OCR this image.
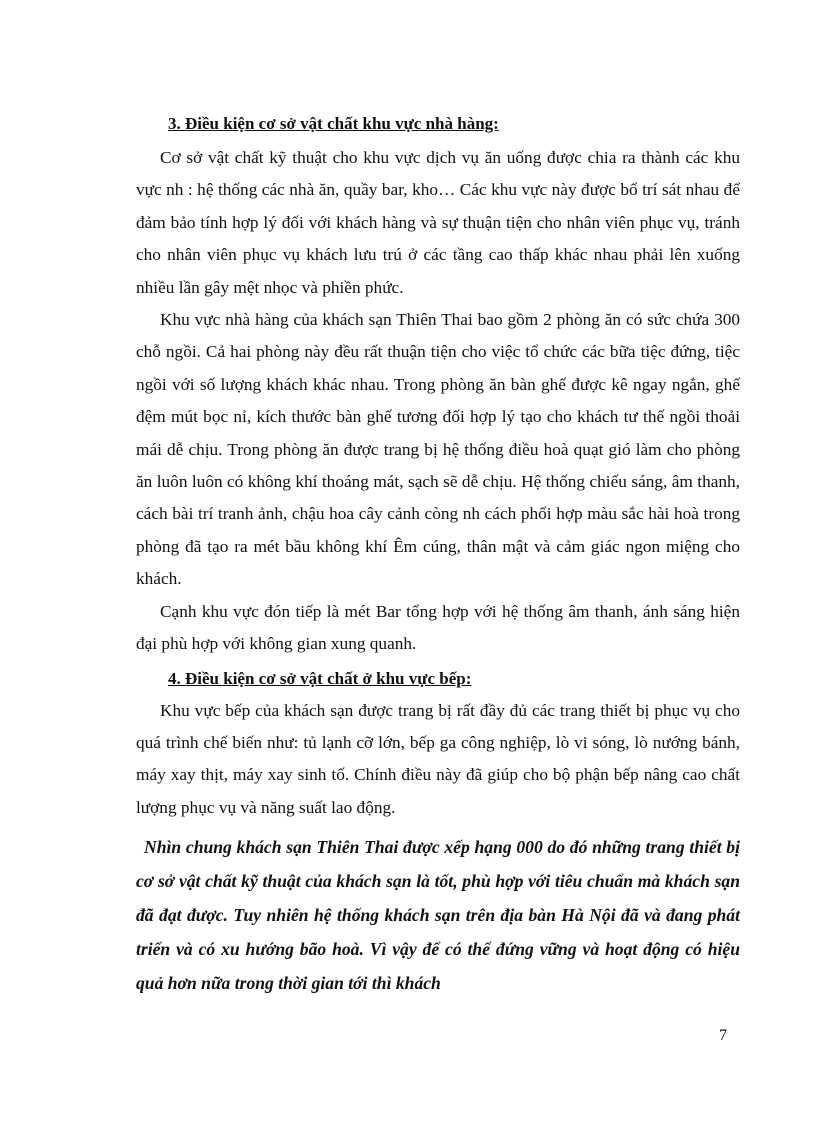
3. Điều kiện cơ sở vật chất khu vực nhà hàng:

Cơ sở vật chất kỹ thuật cho khu vực dịch vụ ăn uống được chia ra thành các khu vực nh : hệ thống các nhà ăn, quầy bar, kho… Các khu vực này được bố trí sát nhau để đảm bảo tính hợp lý đối với khách hàng và sự thuận tiện cho nhân viên phục vụ, tránh cho nhân viên phục vụ khách lưu trú ở các tầng cao thấp khác nhau phải lên xuống nhiều lần gây mệt nhọc và phiền phức.

Khu vực nhà hàng của khách sạn Thiên Thai bao gồm 2 phòng ăn có sức chứa 300 chỗ ngồi. Cả hai phòng này đều rất thuận tiện cho việc tổ chức các bữa tiệc đứng, tiệc ngồi với số lượng khách khác nhau. Trong phòng ăn bàn ghế được kê ngay ngắn, ghế đệm mút bọc nỉ, kích thước bàn ghế tương đối hợp lý tạo cho khách tư thế ngồi thoải mái dễ chịu. Trong phòng ăn được trang bị hệ thống điều hoà quạt gió làm cho phòng ăn luôn luôn có không khí thoáng mát, sạch sẽ dễ chịu. Hệ thống chiếu sáng, âm thanh, cách bài trí tranh ảnh, chậu hoa cây cảnh còng nh cách phối hợp màu sắc hài hoà trong phòng đã tạo ra mét bầu không khí Êm cúng, thân mật và cảm giác ngon miệng cho khách.

Cạnh khu vực đón tiếp là mét Bar tổng hợp với hệ thống âm thanh, ánh sáng hiện đại phù hợp với không gian xung quanh.

4. Điều kiện cơ sở vật chất ở khu vực bếp:

Khu vực bếp của khách sạn được trang bị rất đầy đủ các trang thiết bị phục vụ cho quá trình chế biến như: tủ lạnh cỡ lớn, bếp ga công nghiệp, lò vi sóng, lò nướng bánh, máy xay thịt, máy xay sinh tố. Chính điều này đã giúp cho bộ phận bếp nâng cao chất lượng phục vụ và năng suất lao động.

Nhìn chung khách sạn Thiên Thai được xếp hạng 000 do đó những trang thiết bị cơ sở vật chất kỹ thuật của khách sạn là tốt, phù hợp với tiêu chuẩn mà khách sạn đã đạt được. Tuy nhiên hệ thống khách sạn trên địa bàn Hà Nội đã và đang phát triển và có xu hướng bão hoà. Vì vậy để có thể đứng vững và hoạt động có hiệu quả hơn nữa trong thời gian tới thì khách

7
